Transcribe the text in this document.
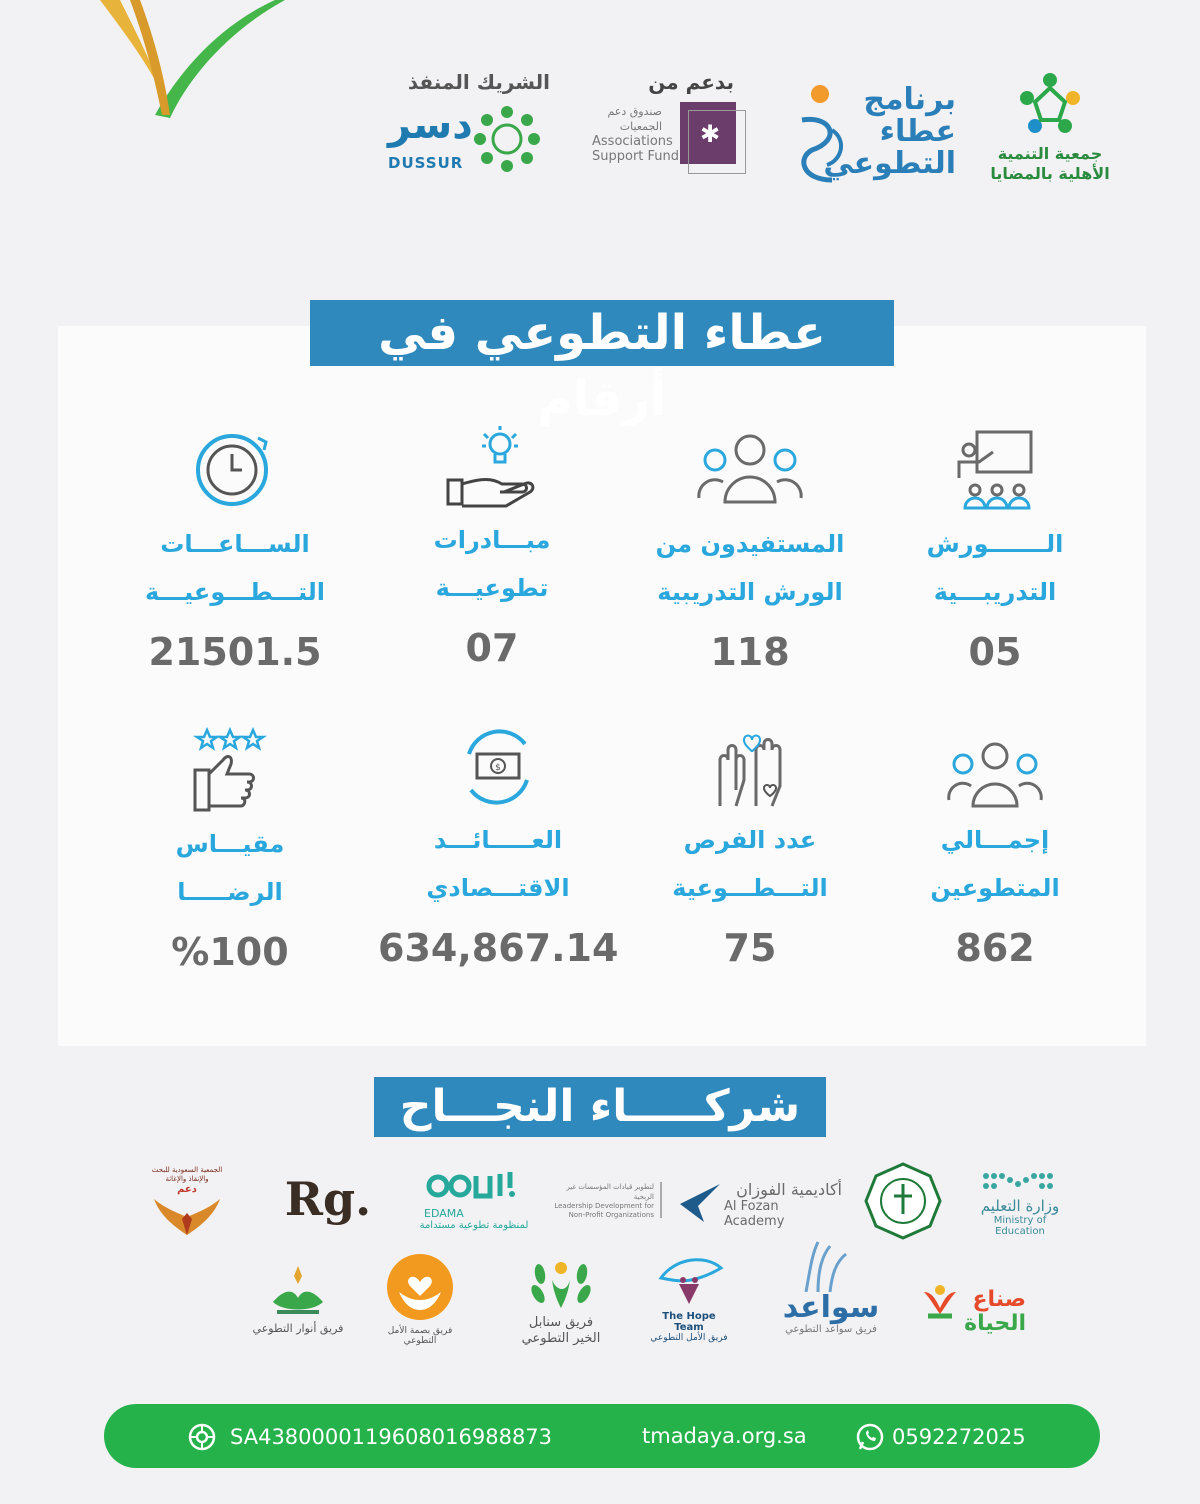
الشريك المنفذ
دسر
DUSSUR
بدعم من
صندوق دعم
الجمعيات
Associations
Support Fund
✱
برنامج
عطاء
التطوعي	جمعية التنمية
الأهلية بالمضايا
عطاء التطوعي في أرقام
الـــــــورش
التدريبـــية
05
المستفيدون من
الورش التدريبية
118
مبـــادرات
تطوعيـــة
07
الســـاعـــات
التـــطـــوعيـــة
21501.5
إجمـــالي
المتطوعين
862
عدد الفرص
التـــطـــوعية
75
$
العـــــائـــد
الاقتـــصادي
634,867.14
مقيـــاس
الرضـــــا
%100
شركـــــاء النجـــاح
وزارة التعليم
Ministry of Education
أكاديمية الفوزان
Al Fozan Academy
لتطوير قيادات المؤسسات غير الربحية
Leadership Development for Non-Profit Organizations
EDAMA
لمنظومة تطوعية مستدامة
Rg.
الجمعية السعودية للبحث والإنقاذ والإغاثة
دعم
صناع
الحياة
سواعد
فريق سواعد التطوعي
The Hope Team
فريق الأمل التطوعي
فريق سنابل
الخير التطوعي
فريق بصمة الأمل التطوعي
فريق أنوار التطوعي
0592272025
tmadaya.org.sa
SA4380000119608016988873
